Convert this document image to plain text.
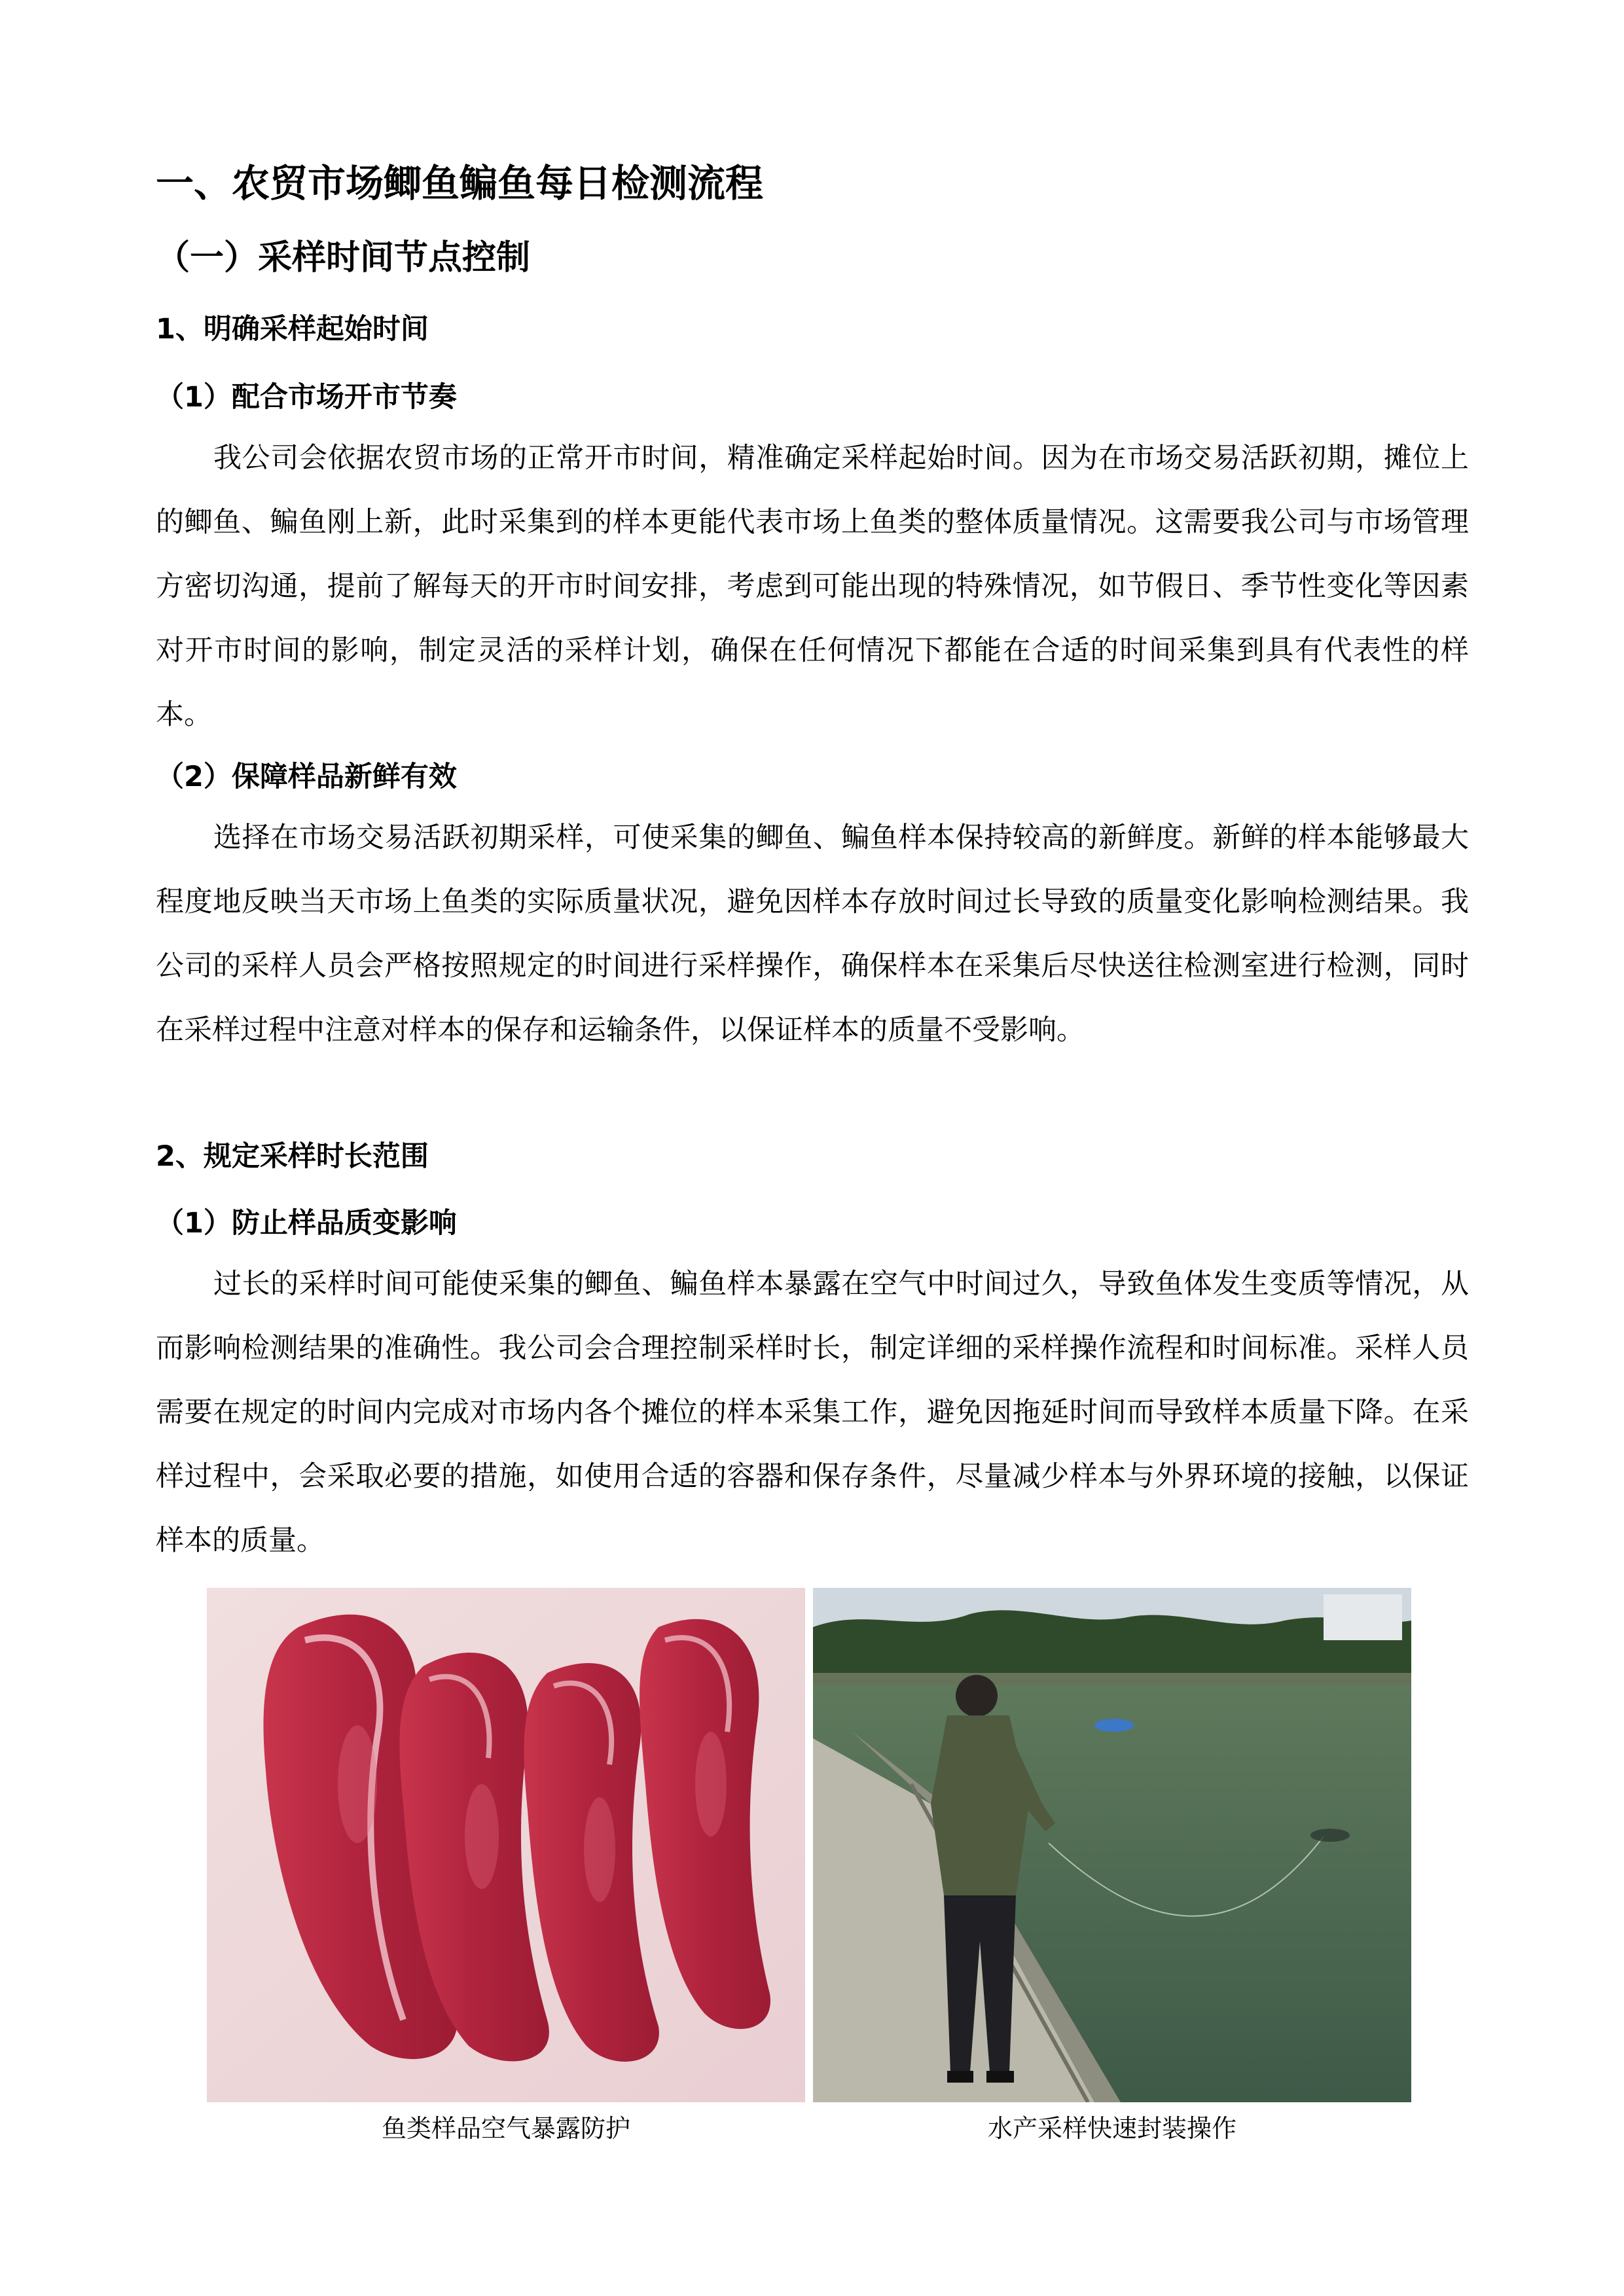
一、农贸市场鲫鱼鳊鱼每日检测流程
（一）采样时间节点控制
1、明确采样起始时间
（1）配合市场开市节奏
我公司会依据农贸市场的正常开市时间，精准确定采样起始时间。因为在市场交易活跃初期，摊位上的鲫鱼、鳊鱼刚上新，此时采集到的样本更能代表市场上鱼类的整体质量情况。这需要我公司与市场管理方密切沟通，提前了解每天的开市时间安排，考虑到可能出现的特殊情况，如节假日、季节性变化等因素对开市时间的影响，制定灵活的采样计划，确保在任何情况下都能在合适的时间采集到具有代表性的样本。
（2）保障样品新鲜有效
选择在市场交易活跃初期采样，可使采集的鲫鱼、鳊鱼样本保持较高的新鲜度。新鲜的样本能够最大程度地反映当天市场上鱼类的实际质量状况，避免因样本存放时间过长导致的质量变化影响检测结果。我公司的采样人员会严格按照规定的时间进行采样操作，确保样本在采集后尽快送往检测室进行检测，同时在采样过程中注意对样本的保存和运输条件，以保证样本的质量不受影响。
2、规定采样时长范围
（1）防止样品质变影响
过长的采样时间可能使采集的鲫鱼、鳊鱼样本暴露在空气中时间过久，导致鱼体发生变质等情况，从而影响检测结果的准确性。我公司会合理控制采样时长，制定详细的采样操作流程和时间标准。采样人员需要在规定的时间内完成对市场内各个摊位的样本采集工作，避免因拖延时间而导致样本质量下降。在采样过程中，会采取必要的措施，如使用合适的容器和保存条件，尽量减少样本与外界环境的接触，以保证样本的质量。
鱼类样品空气暴露防护	水产采样快速封装操作
